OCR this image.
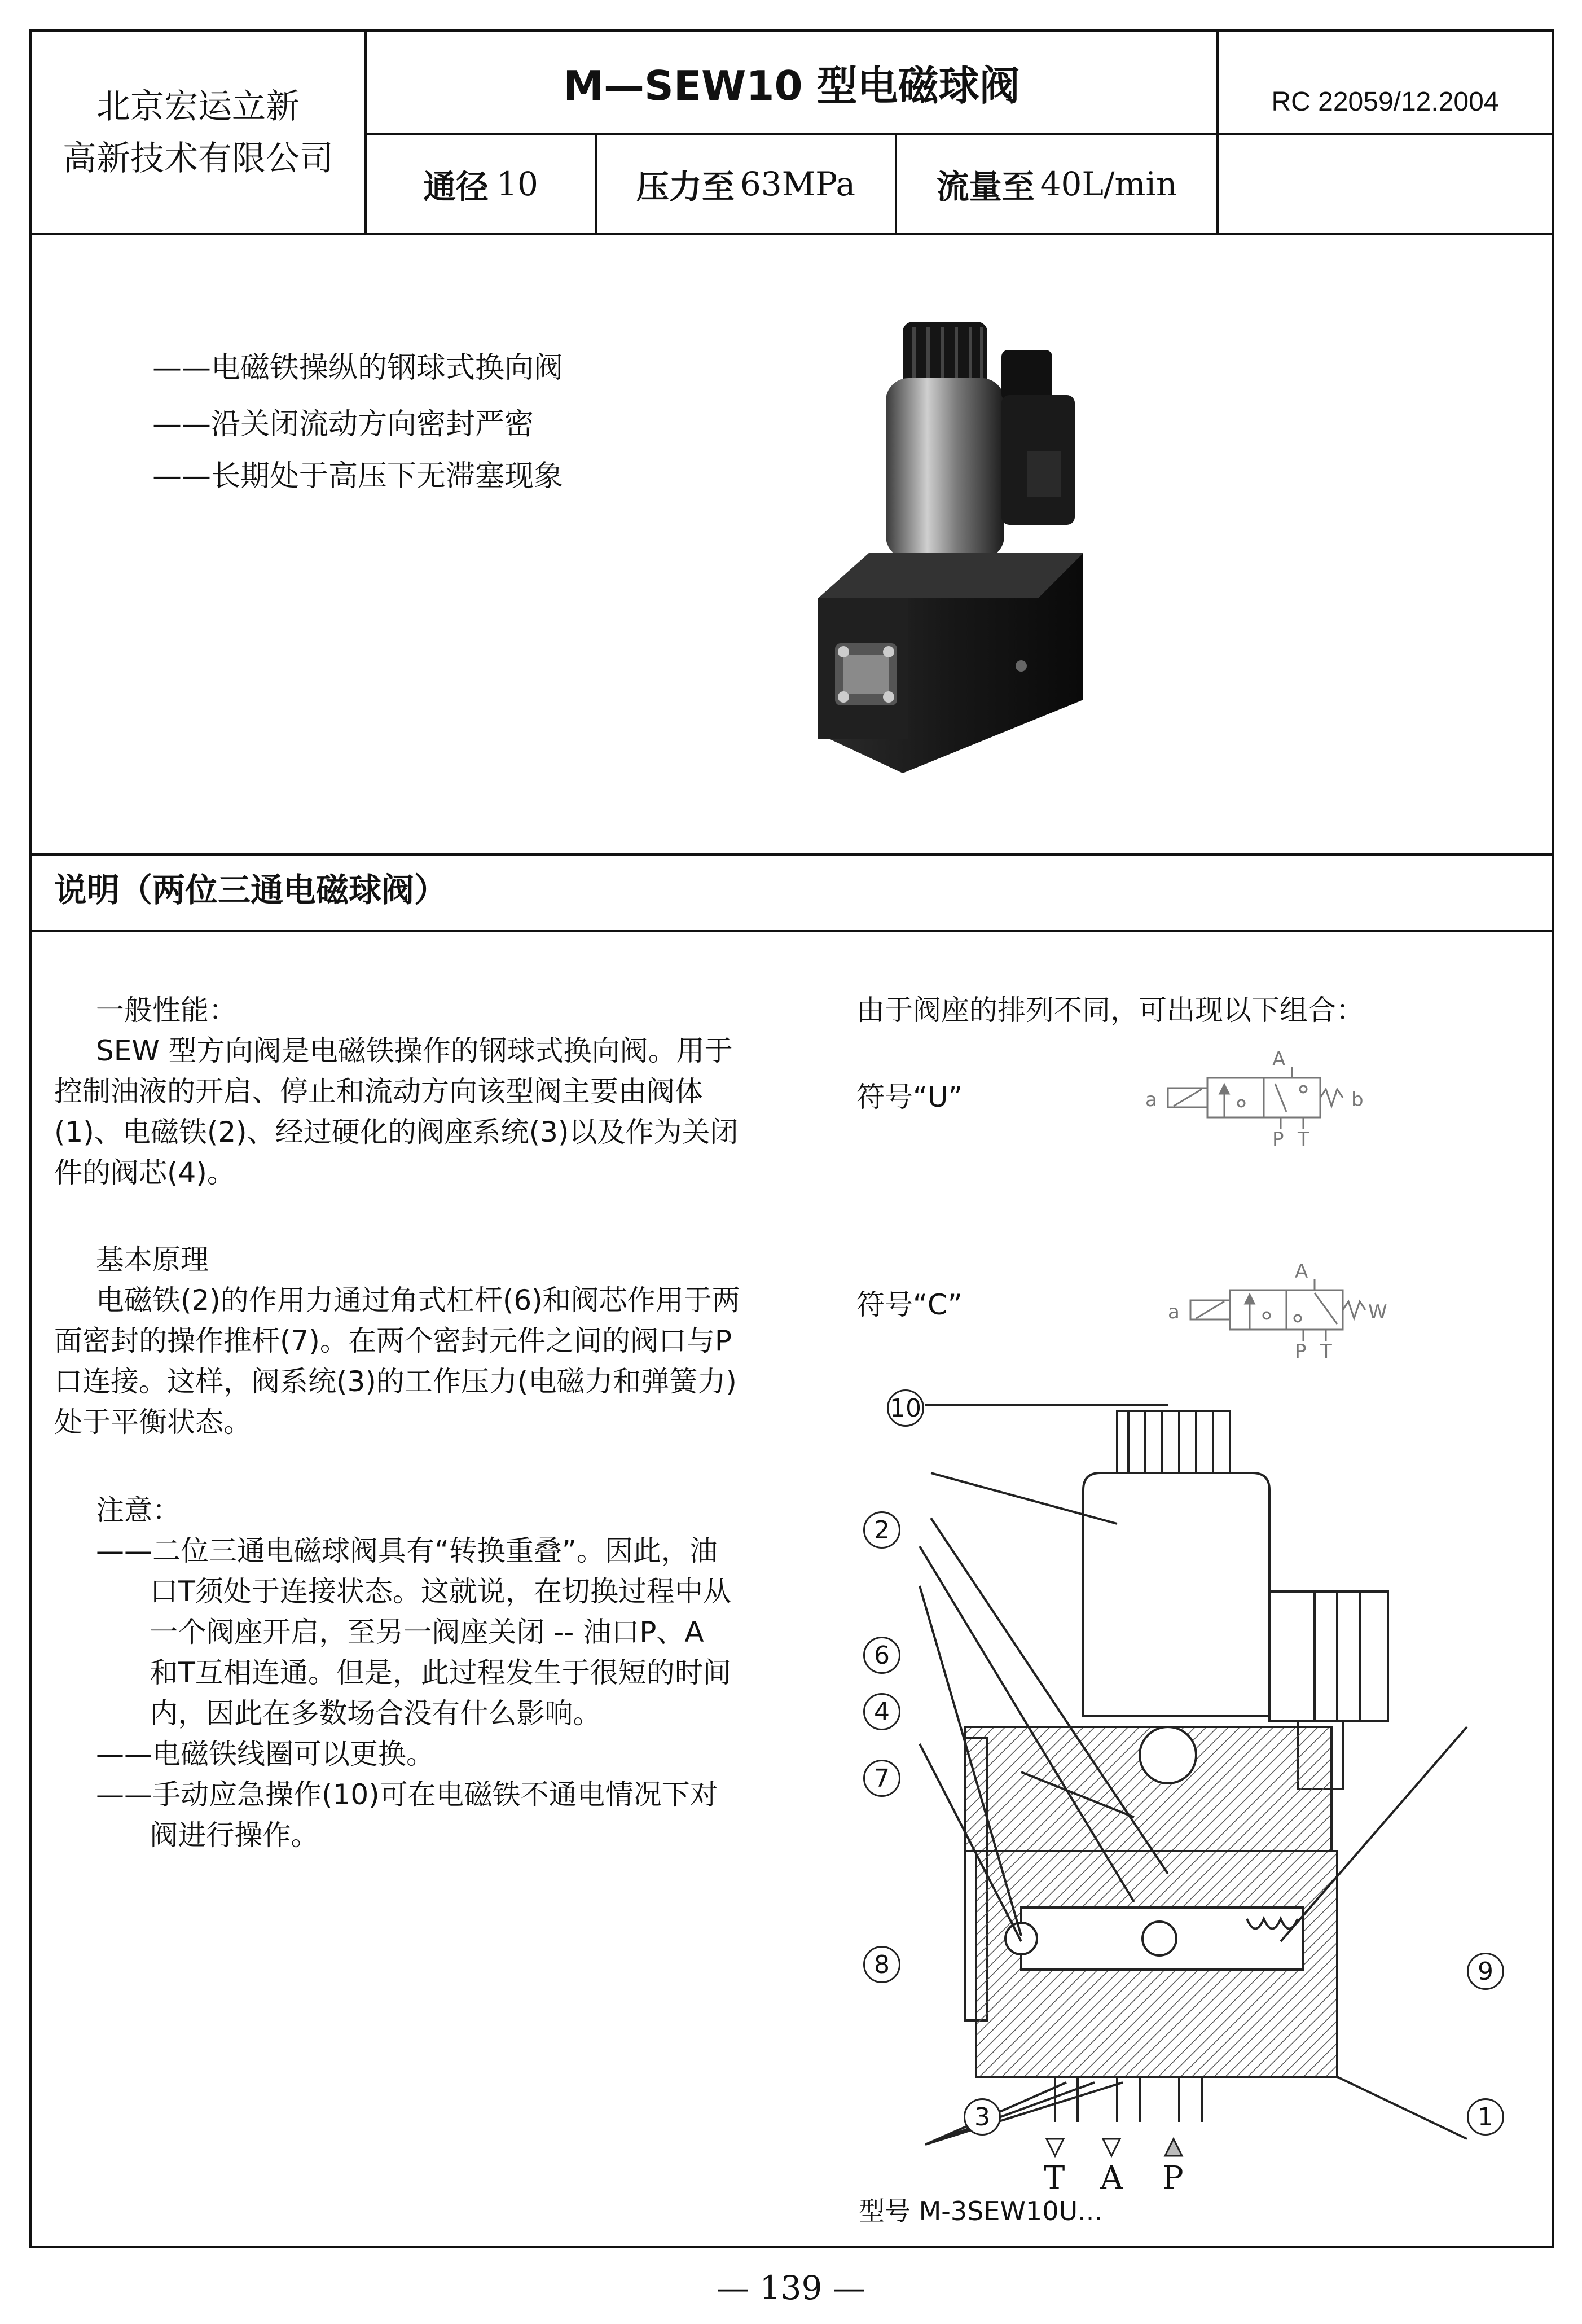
北京宏运立新
高新技术有限公司
M—SEW10 型电磁球阀	RC 22059/12.2004
通径 10	压力至 63MPa 流量至 40L/min
——电磁铁操纵的钢球式换向阀
——沿关闭流动方向密封严密
——长期处于高压下无滞塞现象
说明（两位三通电磁球阀）
一般性能：
SEW 型方向阀是电磁铁操作的钢球式换向阀。用于
控制油液的开启、停止和流动方向该型阀主要由阀体
(1)、电磁铁(2)、经过硬化的阀座系统(3)以及作为关闭
件的阀芯(4)。
基本原理
电磁铁(2)的作用力通过角式杠杆(6)和阀芯作用于两
面密封的操作推杆(7)。在两个密封元件之间的阀口与P
口连接。这样，阀系统(3)的工作压力(电磁力和弹簧力)
处于平衡状态。
注意：
——二位三通电磁球阀具有“转换重叠”。因此，油
口T须处于连接状态。这就说，在切换过程中从
一个阀座开启，至另一阀座关闭 -- 油口P、A
和T互相连通。但是，此过程发生于很短的时间
内，因此在多数场合没有什么影响。
——电磁铁线圈可以更换。
——手动应急操作(10)可在电磁铁不通电情况下对
阀进行操作。
由于阀座的排列不同，可出现以下组合：
符号“U”
符号“C”
A
P T
a	b
A
P T
a	W
T A P
10
2
6
4
7
8	9
3	1
型号 M-3SEW10U...
— 139 —
